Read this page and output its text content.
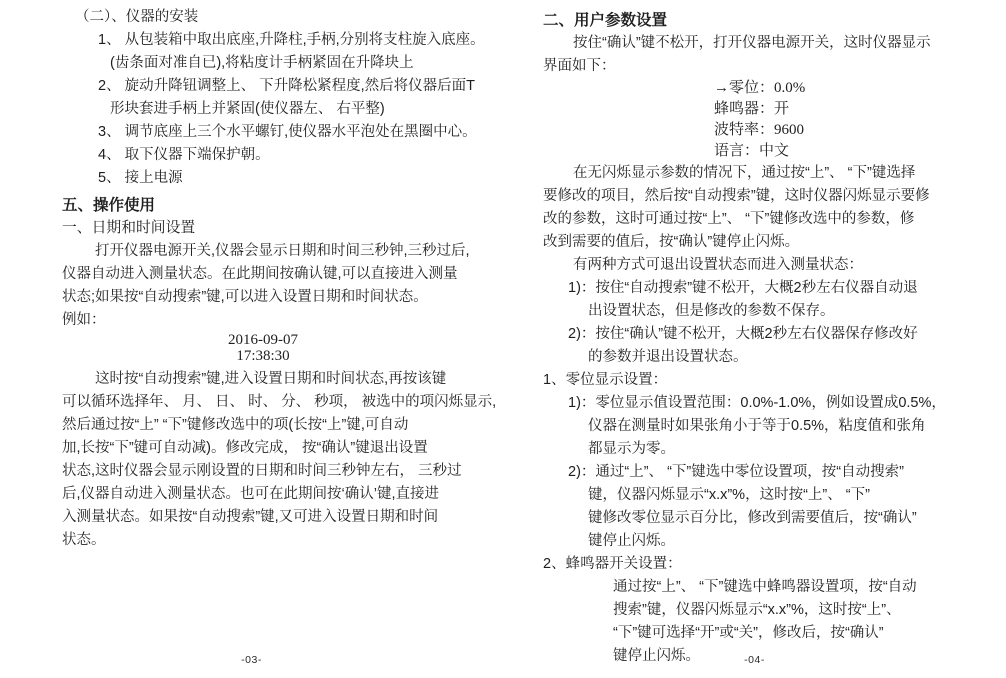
（二）、仪器的安装
1、 从包装箱中取出底座,升降柱,手柄,分别将支柱旋入底座。
(齿条面对准自已),将粘度计手柄紧固在升降块上
2、 旋动升降钮调整上、 下升降松紧程度,然后将仪器后面T
形块套进手柄上并紧固(使仪器左、 右平整)
3、 调节底座上三个水平螺钉,使仪器水平泡处在黑圈中心。
4、 取下仪器下端保护朝。
5、 接上电源
五、操作使用
一、日期和时间设置
打开仪器电源开关,仪器会显示日期和时间三秒钟,三秒过后,
仪器自动进入测量状态。在此期间按确认键,可以直接进入测量
状态;如果按“自动搜索”键,可以进入设置日期和时间状态。
例如：
2016-09-07
17:38:30
这时按“自动搜索”键,进入设置日期和时间状态,再按该键
可以循环选择年、 月、 日、 时、 分、 秒项， 被选中的项闪烁显示,
然后通过按“上” “下”键修改选中的项(长按“上”键,可自动
加,长按“下”键可自动减)。修改完成， 按“确认”键退出设置
状态,这时仪器会显示刚设置的日期和时间三秒钟左右， 三秒过
后,仪器自动进入测量状态。也可在此期间按‘确认’键,直接进
入测量状态。如果按“自动搜索”键,又可进入设置日期和时间
状态。
-03-
二、用户参数设置
按住“确认”键不松开，打开仪器电源开关，这时仪器显示
界面如下：
→零位：0.0%
蜂鸣器：开
波特率：9600
语言：中文
在无闪烁显示参数的情况下，通过按“上”、 “下”键选择
要修改的项目，然后按“自动搜索”键，这时仪器闪烁显示要修
改的参数，这时可通过按“上”、 “下”键修改选中的参数，修
改到需要的值后，按“确认”键停止闪烁。
有两种方式可退出设置状态而进入测量状态：
1)：按住“自动搜索”键不松开，大概2秒左右仪器自动退
出设置状态，但是修改的参数不保存。
2)：按住“确认”键不松开，大概2秒左右仪器保存修改好
的参数并退出设置状态。
1、零位显示设置：
1)：零位显示值设置范围：0.0%-1.0%，例如设置成0.5%，
仪器在测量时如果张角小于等于0.5%，粘度值和张角
都显示为零。
2)：通过“上”、 “下”键选中零位设置项，按“自动搜索”
键，仪器闪烁显示“x.x”%，这时按“上”、 “下”
键修改零位显示百分比，修改到需要值后，按“确认”
键停止闪烁。
2、蜂鸣器开关设置：
通过按“上”、 “下”键选中蜂鸣器设置项，按“自动
搜索”键，仪器闪烁显示“x.x”%，这时按“上”、
“下”键可选择“开”或“关”，修改后，按“确认”
键停止闪烁。	-04-
